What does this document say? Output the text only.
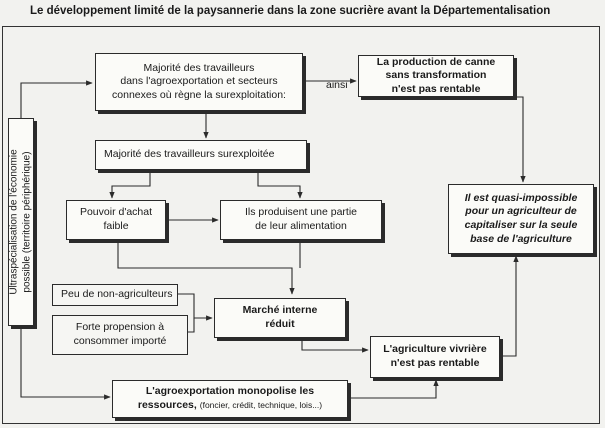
Le développement limité de la paysannerie dans la zone sucrière avant la Départementalisation
Majorité des travailleurs
dans l'agroexportation et secteurs
connexes où règne la surexploitation:
ainsi
La production de canne
sans transformation
n'est pas rentable
Majorité des travailleurs surexploitée
Pouvoir d'achat
faible
Ils produisent une partie
de leur alimentation
Il est quasi-impossible
pour un agriculteur de
capitaliser sur la seule
base de l'agriculture
Ultraspécialisation de l'économie possible (territoire périphérique)
Peu de non-agriculteurs
Forte propension à
consommer importé
Marché interne
réduit
L'agriculture vivrière
n'est pas rentable
L'agroexportation monopolise les
ressources, (foncier, crédit, technique, lois...)
